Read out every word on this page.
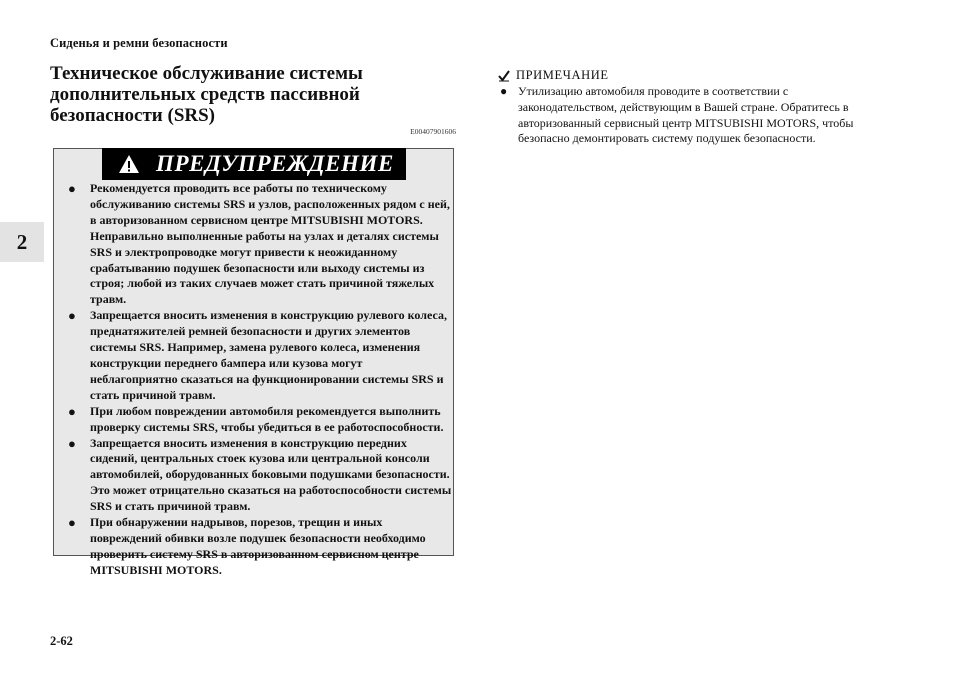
Сиденья и ремни безопасности
2
Техническое обслуживание системы дополнительных средств пассивной безопасности (SRS)
E00407901606
ПРЕДУПРЕЖДЕНИЕ
● Рекомендуется проводить все работы по техническому обслуживанию системы SRS и узлов, расположенных рядом с ней, в авторизованном сервисном центре MITSUBISHI MOTORS. Неправильно выполненные работы на узлах и деталях системы SRS и электропроводке могут привести к неожиданному срабатыванию подушек безопасности или выходу системы из строя; любой из таких случаев может стать причиной тяжелых травм.
● Запрещается вносить изменения в конструкцию рулевого колеса, преднатяжителей ремней безопасности и других элементов системы SRS. Например, замена рулевого колеса, изменения конструкции переднего бампера или кузова могут неблагоприятно сказаться на функционировании системы SRS и стать причиной травм.
● При любом повреждении автомобиля рекомендуется выполнить проверку системы SRS, чтобы убедиться в ее работоспособности.
● Запрещается вносить изменения в конструкцию передних сидений, центральных стоек кузова или центральной консоли автомобилей, оборудованных боковыми подушками безопасности. Это может отрицательно сказаться на работоспособности системы SRS и стать причиной травм.
● При обнаружении надрывов, порезов, трещин и иных повреждений обивки возле подушек безопасности необходимо проверить систему SRS в авторизованном сервисном центре MITSUBISHI MOTORS.
ПРИМЕЧАНИЕ
● Утилизацию автомобиля проводите в соответствии с законодательством, действующим в Вашей стране. Обратитесь в авторизованный сервисный центр MITSUBISHI MOTORS, чтобы безопасно демонтировать систему подушек безопасности.
2-62
